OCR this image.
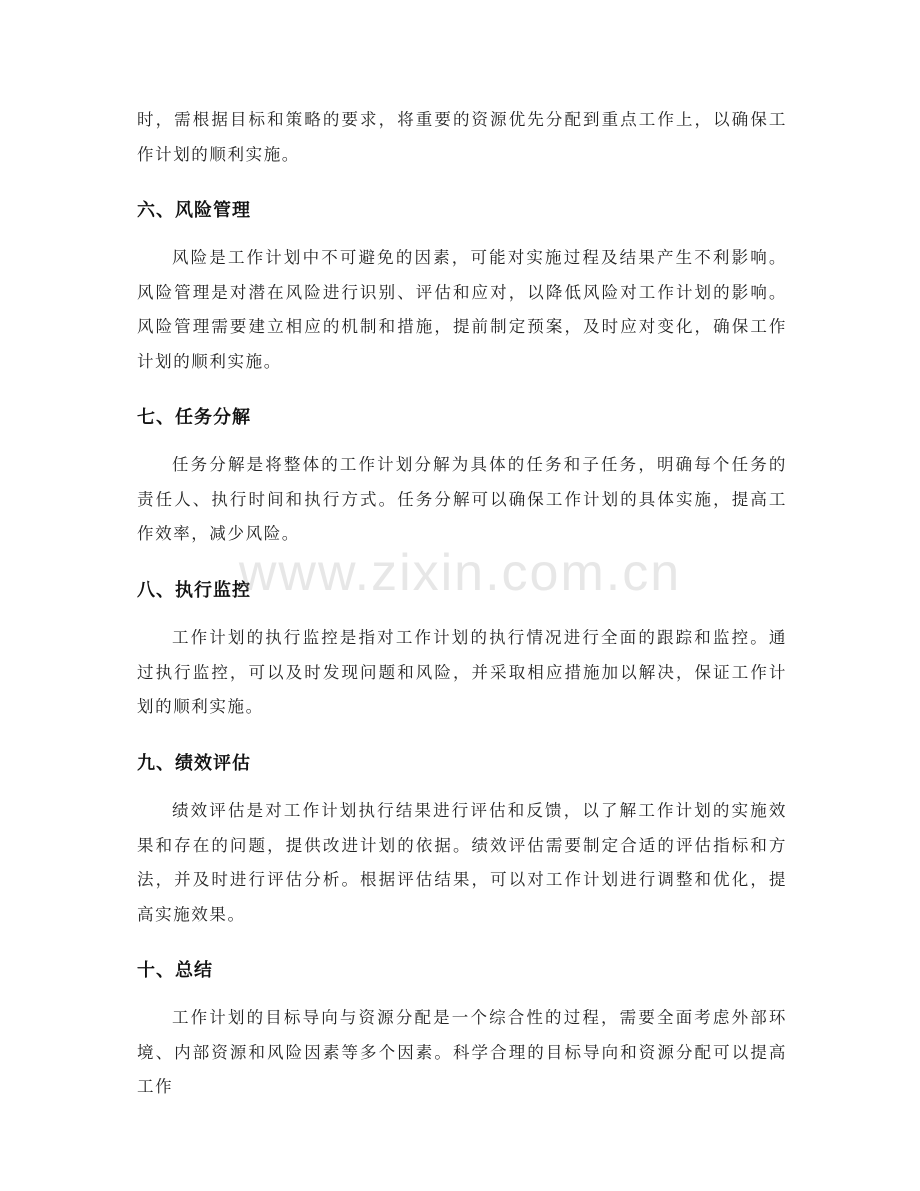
时，需根据目标和策略的要求，将重要的资源优先分配到重点工作上，以确保工作计划的顺利实施。

六、风险管理

风险是工作计划中不可避免的因素，可能对实施过程及结果产生不利影响。风险管理是对潜在风险进行识别、评估和应对，以降低风险对工作计划的影响。风险管理需要建立相应的机制和措施，提前制定预案，及时应对变化，确保工作计划的顺利实施。

七、任务分解

任务分解是将整体的工作计划分解为具体的任务和子任务，明确每个任务的责任人、执行时间和执行方式。任务分解可以确保工作计划的具体实施，提高工作效率，减少风险。

八、执行监控

工作计划的执行监控是指对工作计划的执行情况进行全面的跟踪和监控。通过执行监控，可以及时发现问题和风险，并采取相应措施加以解决，保证工作计划的顺利实施。

九、绩效评估

绩效评估是对工作计划执行结果进行评估和反馈，以了解工作计划的实施效果和存在的问题，提供改进计划的依据。绩效评估需要制定合适的评估指标和方法，并及时进行评估分析。根据评估结果，可以对工作计划进行调整和优化，提高实施效果。

十、总结

工作计划的目标导向与资源分配是一个综合性的过程，需要全面考虑外部环境、内部资源和风险因素等多个因素。科学合理的目标导向和资源分配可以提高工作

www.zixin.com.cn
